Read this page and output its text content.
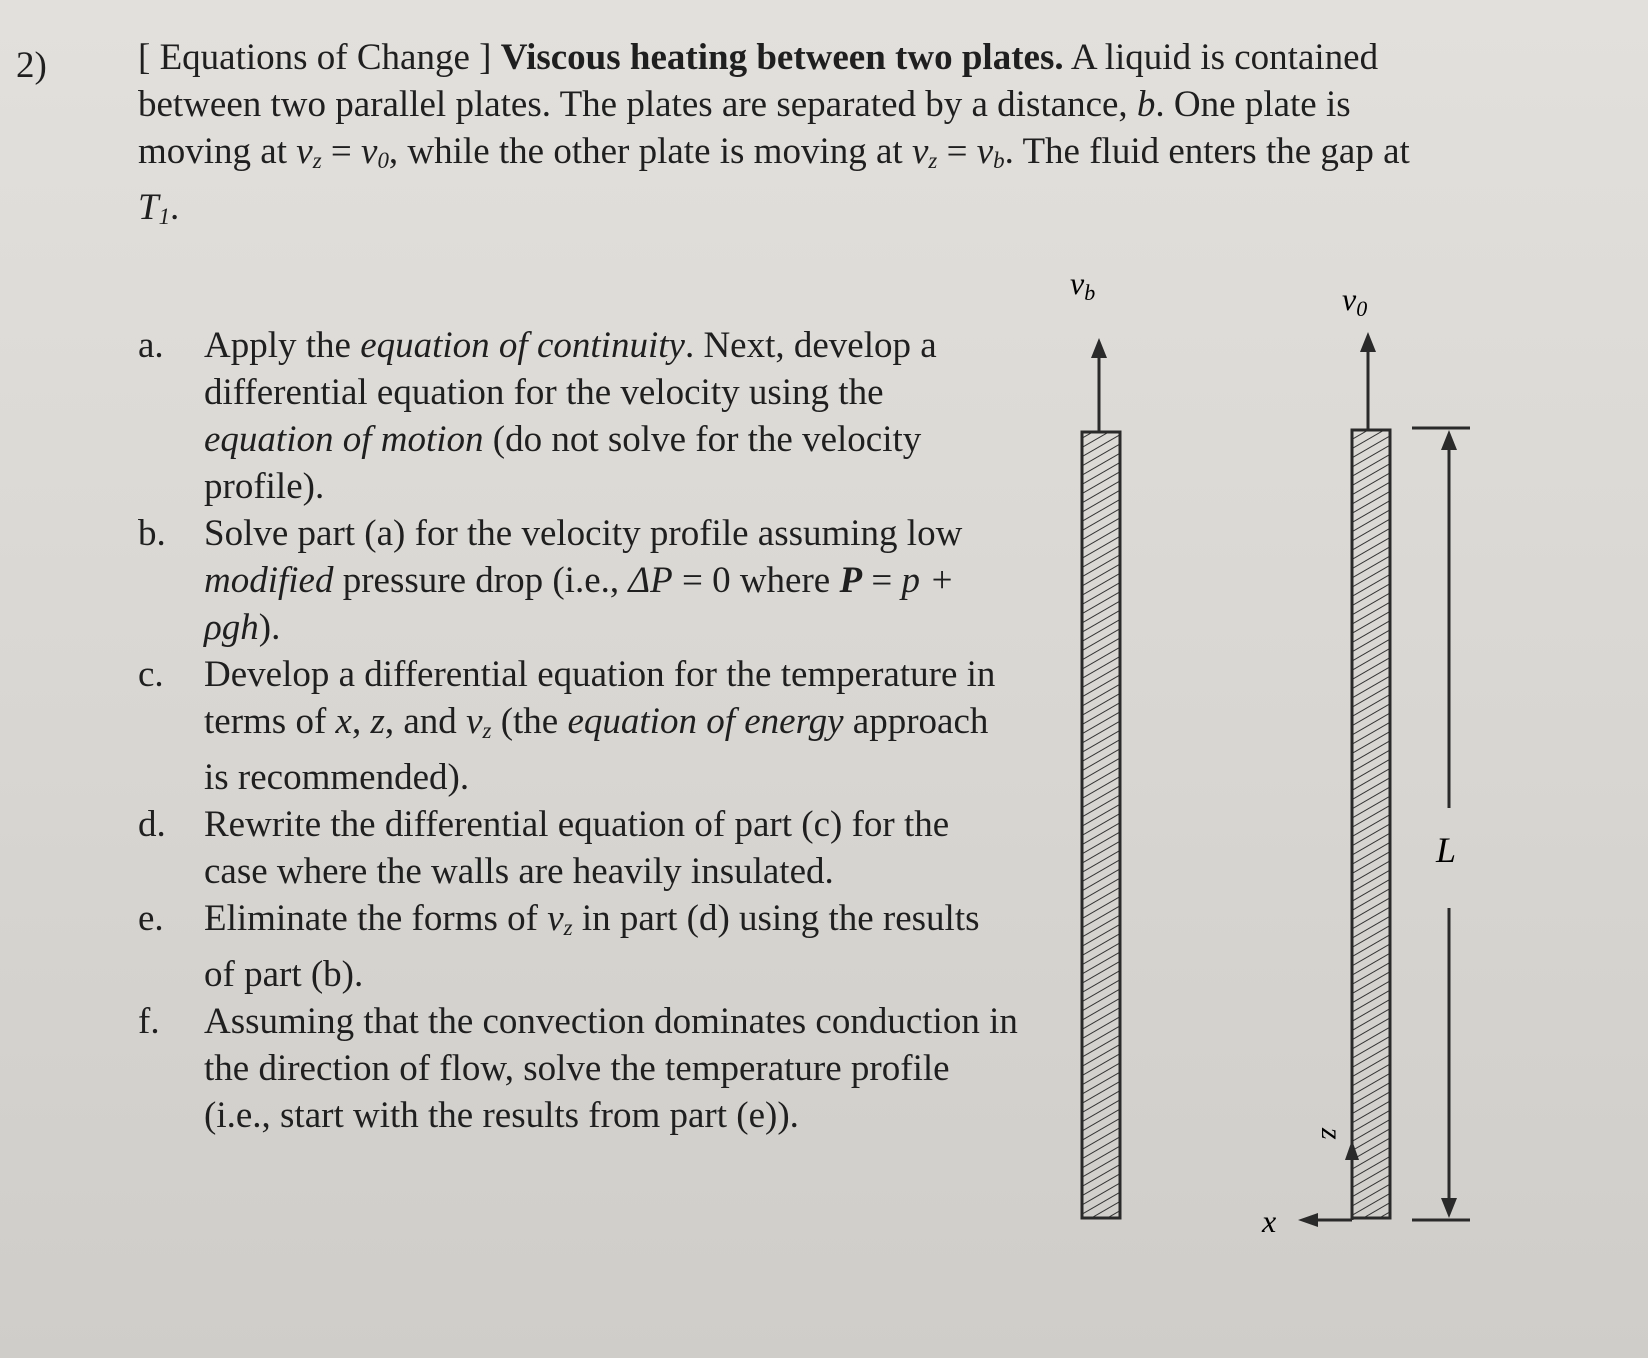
2) [ Equations of Change ] Viscous heating between two plates. A liquid is contained between two parallel plates. The plates are separated by a distance, b. One plate is moving at $v_z = v_0$, while the other plate is moving at $v_z = v_b$. The fluid enters the gap at $T_1$.
a.	Apply the equation of continuity. Next, develop a differential equation for the velocity using the equation of motion (do not solve for the velocity profile).
b.	Solve part (a) for the velocity profile assuming low modified pressure drop (i.e., ΔP = 0 where P = p + ρgh).
c.	Develop a differential equation for the temperature in terms of x, z, and $v_z$ (the equation of energy approach is recommended).
d.	Rewrite the differential equation of part (c) for the case where the walls are heavily insulated.
e.	Eliminate the forms of $v_z$ in part (d) using the results of part (b).
f.	Assuming that the convection dominates conduction in the direction of flow, solve the temperature profile (i.e., start with the results from part (e)).
vb	v0
L
z
x
